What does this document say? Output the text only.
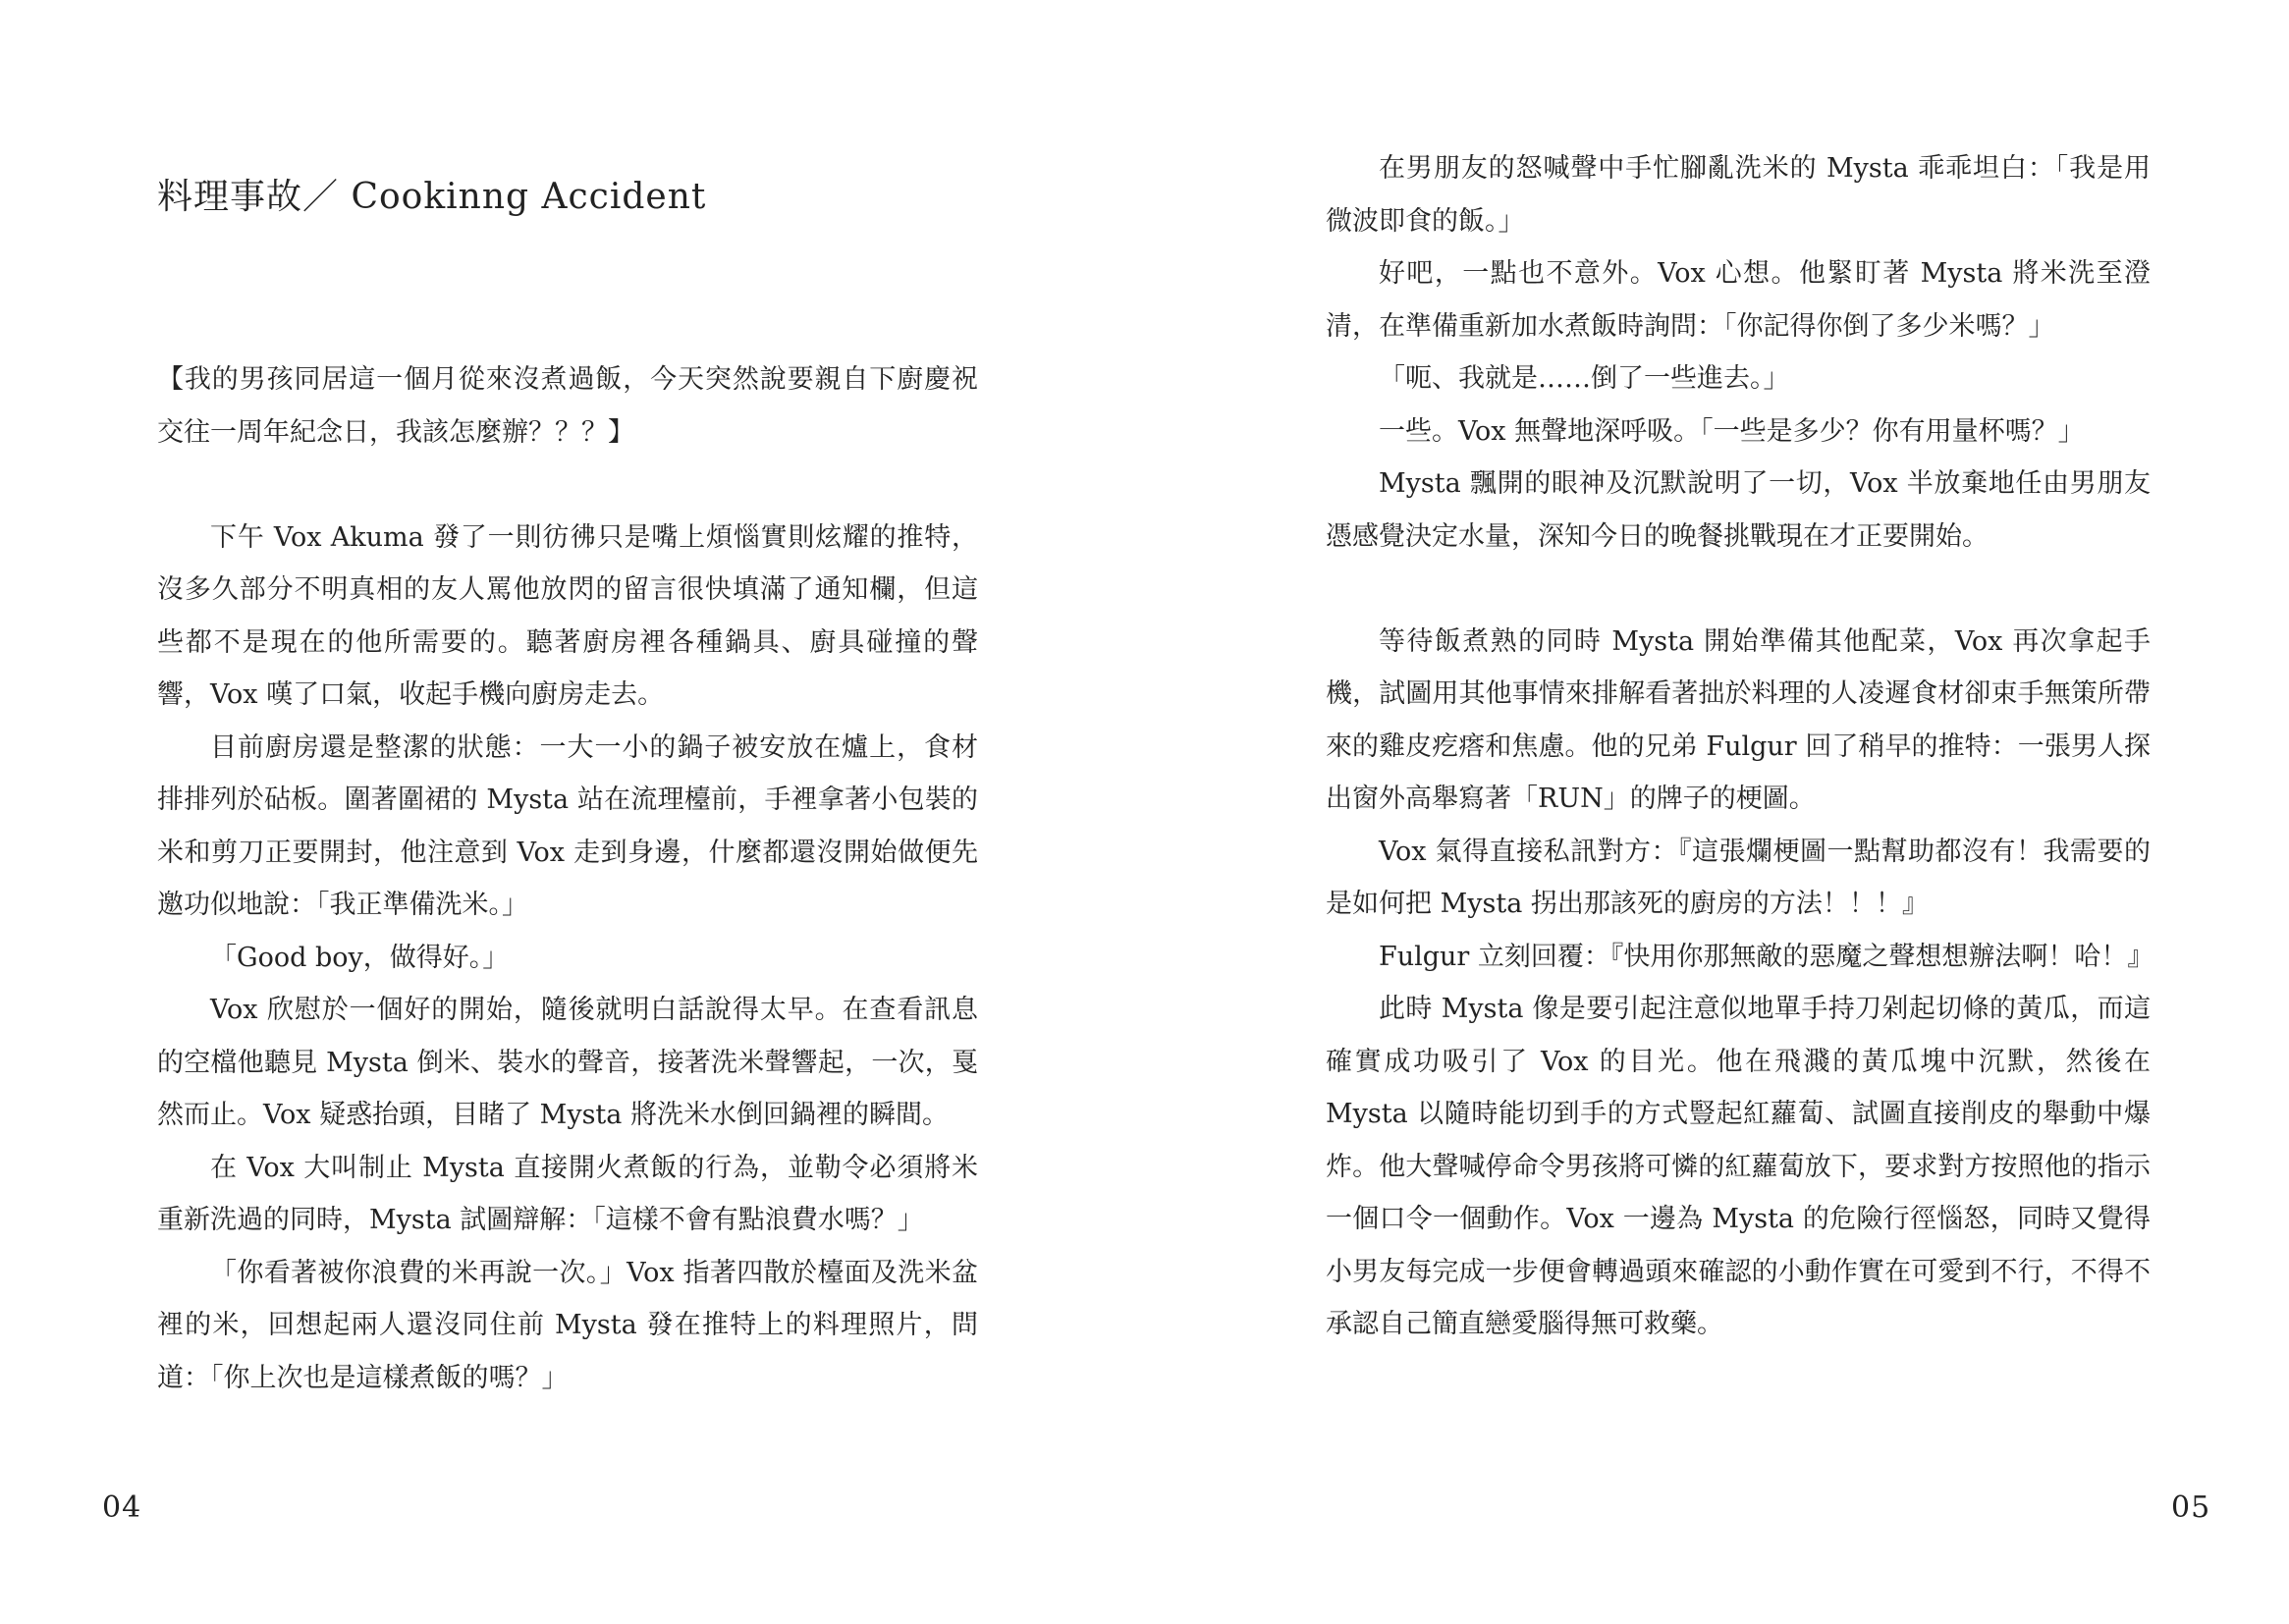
料理事故／ Cookinng Accident

【我的男孩同居這一個月從來沒煮過飯，今天突然說要親自下廚慶祝交往一周年紀念日，我該怎麼辦？？？】

下午 Vox Akuma 發了一則彷彿只是嘴上煩惱實則炫耀的推特，沒多久部分不明真相的友人罵他放閃的留言很快填滿了通知欄，但這些都不是現在的他所需要的。聽著廚房裡各種鍋具、廚具碰撞的聲響，Vox 嘆了口氣，收起手機向廚房走去。

目前廚房還是整潔的狀態：一大一小的鍋子被安放在爐上，食材排排列於砧板。圍著圍裙的 Mysta 站在流理檯前，手裡拿著小包裝的米和剪刀正要開封，他注意到 Vox 走到身邊，什麼都還沒開始做便先邀功似地說：「我正準備洗米。」

「Good boy，做得好。」

Vox 欣慰於一個好的開始，隨後就明白話說得太早。在查看訊息的空檔他聽見 Mysta 倒米、裝水的聲音，接著洗米聲響起，一次，戛然而止。Vox 疑惑抬頭，目睹了 Mysta 將洗米水倒回鍋裡的瞬間。

在 Vox 大叫制止 Mysta 直接開火煮飯的行為，並勒令必須將米重新洗過的同時，Mysta 試圖辯解：「這樣不會有點浪費水嗎？」

「你看著被你浪費的米再說一次。」Vox 指著四散於檯面及洗米盆裡的米，回想起兩人還沒同住前 Mysta 發在推特上的料理照片，問道：「你上次也是這樣煮飯的嗎？」

04

在男朋友的怒喊聲中手忙腳亂洗米的 Mysta 乖乖坦白：「我是用微波即食的飯。」

好吧，一點也不意外。Vox 心想。他緊盯著 Mysta 將米洗至澄清，在準備重新加水煮飯時詢問：「你記得你倒了多少米嗎？」

「呃、我就是……倒了一些進去。」

一些。Vox 無聲地深呼吸。「一些是多少？你有用量杯嗎？」

Mysta 飄開的眼神及沉默說明了一切，Vox 半放棄地任由男朋友憑感覺決定水量，深知今日的晚餐挑戰現在才正要開始。

等待飯煮熟的同時 Mysta 開始準備其他配菜，Vox 再次拿起手機，試圖用其他事情來排解看著拙於料理的人凌遲食材卻束手無策所帶來的雞皮疙瘩和焦慮。他的兄弟 Fulgur 回了稍早的推特：一張男人探出窗外高舉寫著「RUN」的牌子的梗圖。

Vox 氣得直接私訊對方：『這張爛梗圖一點幫助都沒有！我需要的是如何把 Mysta 拐出那該死的廚房的方法！！！』

Fulgur 立刻回覆：『快用你那無敵的惡魔之聲想想辦法啊！哈！』

此時 Mysta 像是要引起注意似地單手持刀剁起切條的黃瓜，而這確實成功吸引了 Vox 的目光。他在飛濺的黃瓜塊中沉默，然後在 Mysta 以隨時能切到手的方式豎起紅蘿蔔、試圖直接削皮的舉動中爆炸。他大聲喊停命令男孩將可憐的紅蘿蔔放下，要求對方按照他的指示一個口令一個動作。Vox 一邊為 Mysta 的危險行徑惱怒，同時又覺得小男友每完成一步便會轉過頭來確認的小動作實在可愛到不行，不得不承認自己簡直戀愛腦得無可救藥。

05
